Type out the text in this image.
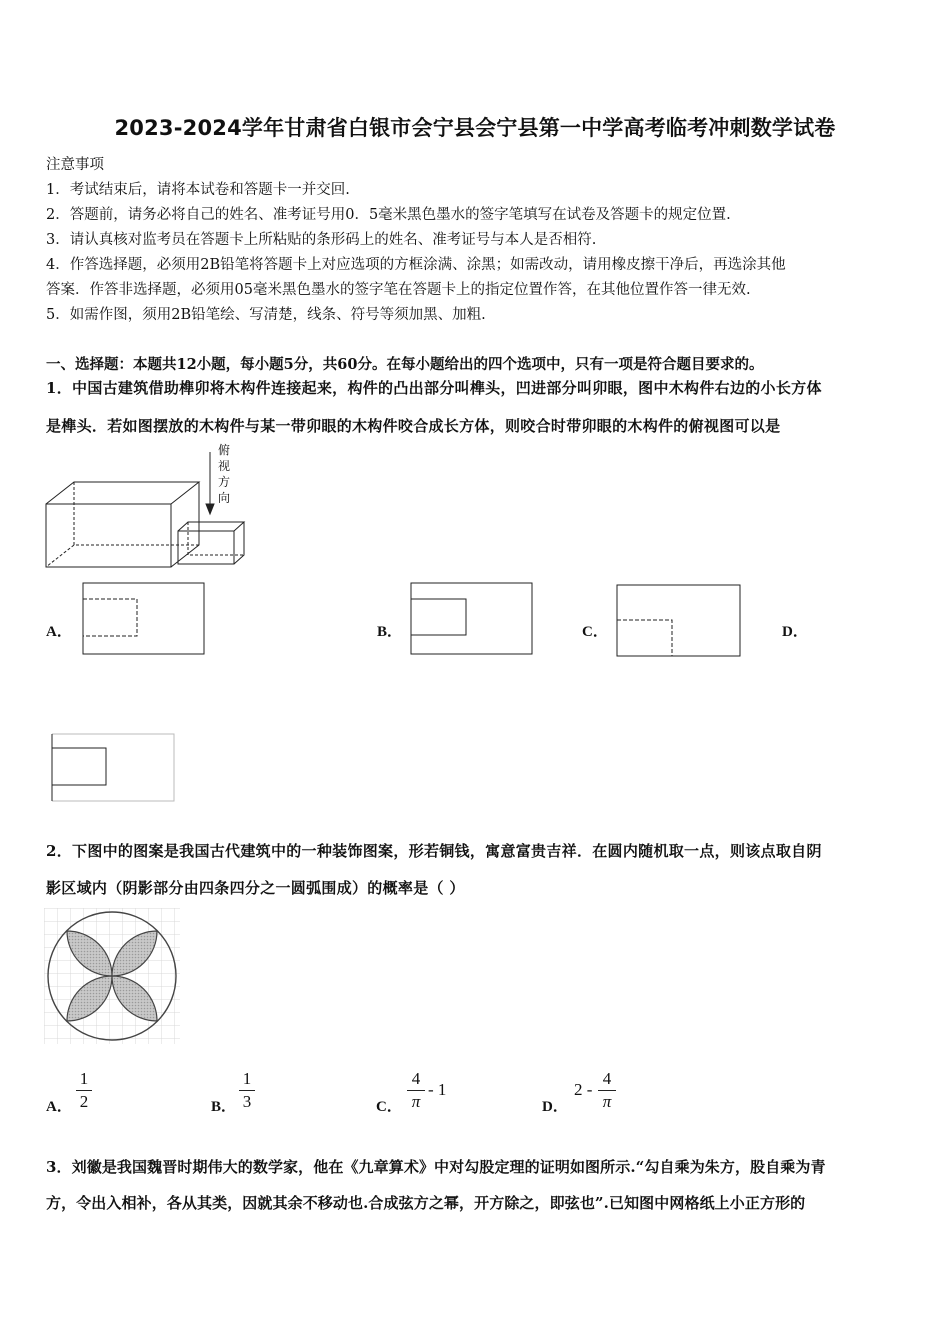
2023-2024学年甘肃省白银市会宁县会宁县第一中学高考临考冲刺数学试卷
注意事项
1．考试结束后，请将本试卷和答题卡一并交回.
2．答题前，请务必将自己的姓名、准考证号用0．5毫米黑色墨水的签字笔填写在试卷及答题卡的规定位置.
3．请认真核对监考员在答题卡上所粘贴的条形码上的姓名、准考证号与本人是否相符.
4．作答选择题，必须用2B铅笔将答题卡上对应选项的方框涂满、涂黑；如需改动，请用橡皮擦干净后，再选涂其他
答案．作答非选择题，必须用05毫米黑色墨水的签字笔在答题卡上的指定位置作答，在其他位置作答一律无效.
5．如需作图，须用2B铅笔绘、写清楚，线条、符号等须加黑、加粗.
一、选择题：本题共12小题，每小题5分，共60分。在每小题给出的四个选项中，只有一项是符合题目要求的。
1．中国古建筑借助榫卯将木构件连接起来，构件的凸出部分叫榫头，凹进部分叫卯眼，图中木构件右边的小长方体
是榫头．若如图摆放的木构件与某一带卯眼的木构件咬合成长方体，则咬合时带卯眼的木构件的俯视图可以是
俯
视
方
向
A．	B．	C．	D．
2．下图中的图案是我国古代建筑中的一种装饰图案，形若铜钱，寓意富贵吉祥．在圆内随机取一点，则该点取自阴
影区域内（阴影部分由四条四分之一圆弧围成）的概率是（ ）
A．
1
2	B．
1
3	C．
4
π
- 1
D．
2 -
4
π
3．刘徽是我国魏晋时期伟大的数学家，他在《九章算术》中对勾股定理的证明如图所示.“勾自乘为朱方，股自乘为青
方，令出入相补，各从其类，因就其余不移动也.合成弦方之幂，开方除之，即弦也”.已知图中网格纸上小正方形的
